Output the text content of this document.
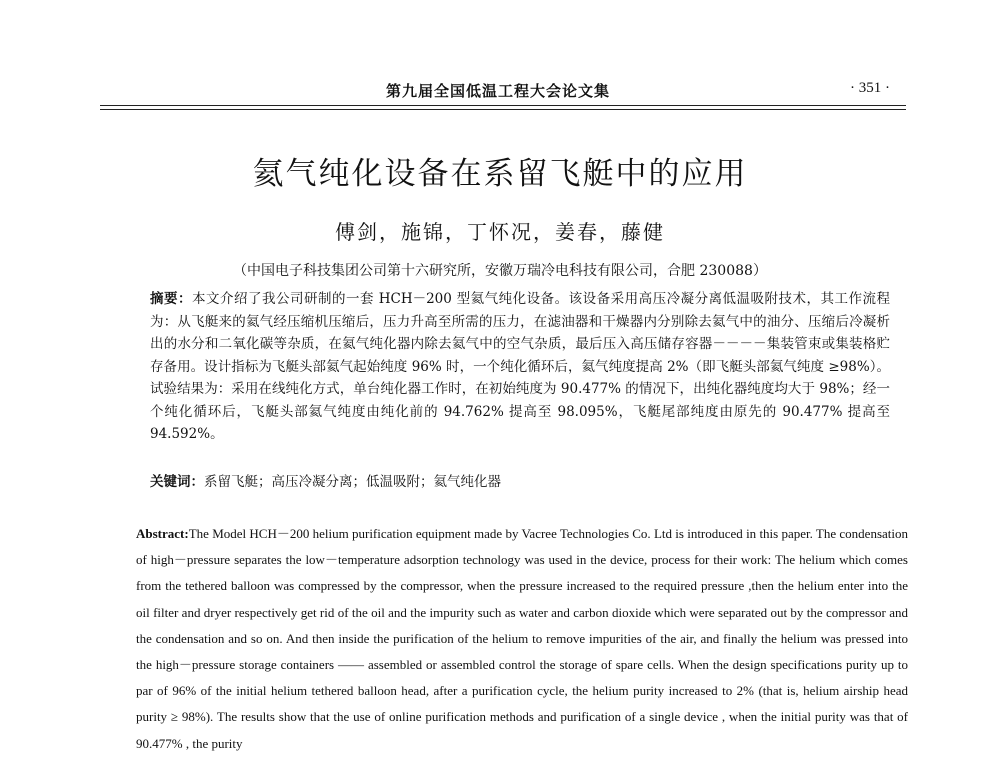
第九届全国低温工程大会论文集	· 351 ·
氦气纯化设备在系留飞艇中的应用
傅剑，施锦，丁怀况，姜春，藤健
（中国电子科技集团公司第十六研究所，安徽万瑞冷电科技有限公司，合肥 230088）
摘要：本文介绍了我公司研制的一套 HCH－200 型氦气纯化设备。该设备采用高压冷凝分离低温吸附技术，其工作流程为：从飞艇来的氦气经压缩机压缩后，压力升高至所需的压力，在滤油器和干燥器内分别除去氦气中的油分、压缩后冷凝析出的水分和二氧化碳等杂质，在氦气纯化器内除去氦气中的空气杂质，最后压入高压储存容器－－－－集装管束或集装格贮存备用。设计指标为飞艇头部氦气起始纯度 96% 时，一个纯化循环后，氦气纯度提高 2%（即飞艇头部氦气纯度 ≥98%）。试验结果为：采用在线纯化方式，单台纯化器工作时，在初始纯度为 90.477% 的情况下，出纯化器纯度均大于 98%；经一个纯化循环后，飞艇头部氦气纯度由纯化前的 94.762% 提高至 98.095%，飞艇尾部纯度由原先的 90.477% 提高至 94.592%。
关键词：系留飞艇；高压冷凝分离；低温吸附；氦气纯化器
Abstract:The Model HCH－200 helium purification equipment made by Vacree Technologies Co. Ltd is introduced in this paper. The condensation of high－pressure separates the low－temperature adsorption technology was used in the device, process for their work: The helium which comes from the tethered balloon was compressed by the compressor, when the pressure increased to the required pressure ,then the helium enter into the oil filter and dryer respectively get rid of the oil and the impurity such as water and carbon dioxide which were separated out by the compressor and the condensation and so on. And then inside the purification of the helium to remove impurities of the air, and finally the helium was pressed into the high－pressure storage containers —— assembled or assembled control the storage of spare cells. When the design specifications purity up to par of 96% of the initial helium tethered balloon head, after a purification cycle, the helium purity increased to 2% (that is, helium airship head purity ≥ 98%). The results show that the use of online purification methods and purification of a single device , when the initial purity was that of 90.477% , the purity
